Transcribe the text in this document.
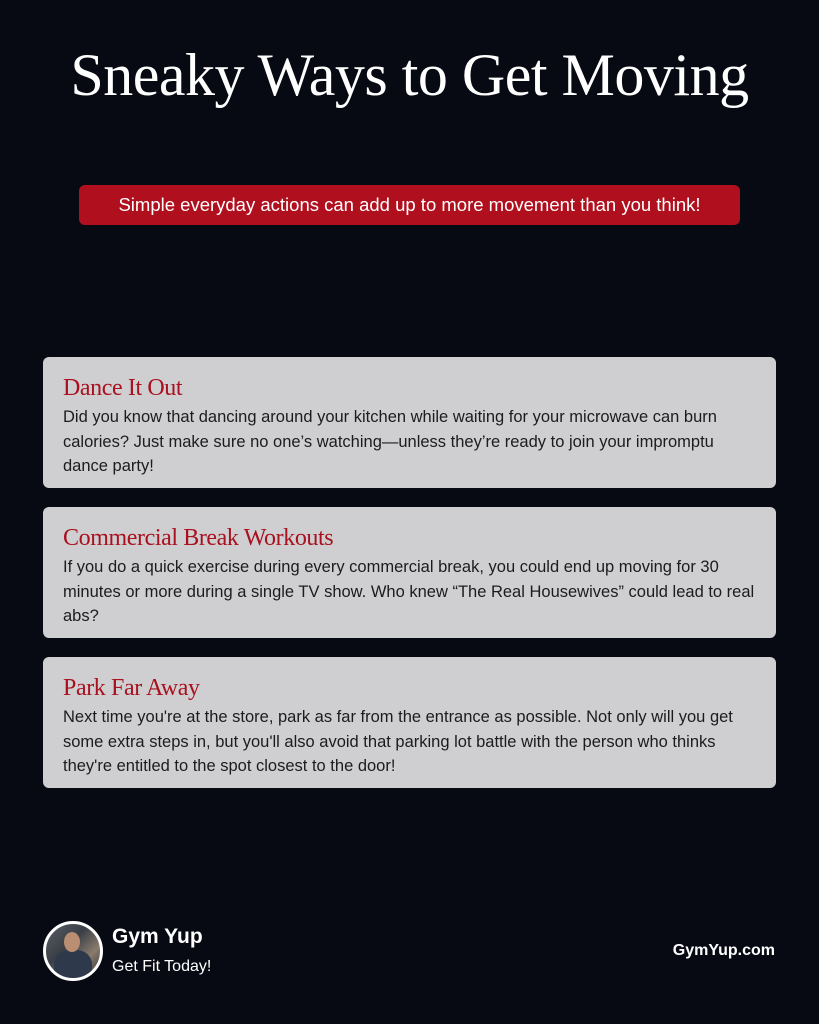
Sneaky Ways to Get Moving
Simple everyday actions can add up to more movement than you think!
Dance It Out

Did you know that dancing around your kitchen while waiting for your microwave can burn calories? Just make sure no one’s watching—unless they’re ready to join your impromptu dance party!

Commercial Break Workouts

If you do a quick exercise during every commercial break, you could end up moving for 30 minutes or more during a single TV show. Who knew “The Real Housewives” could lead to real abs?

Park Far Away

Next time you're at the store, park as far from the entrance as possible. Not only will you get some extra steps in, but you'll also avoid that parking lot battle with the person who thinks they're entitled to the spot closest to the door!

Gym Yup
Get Fit Today!
GymYup.com
